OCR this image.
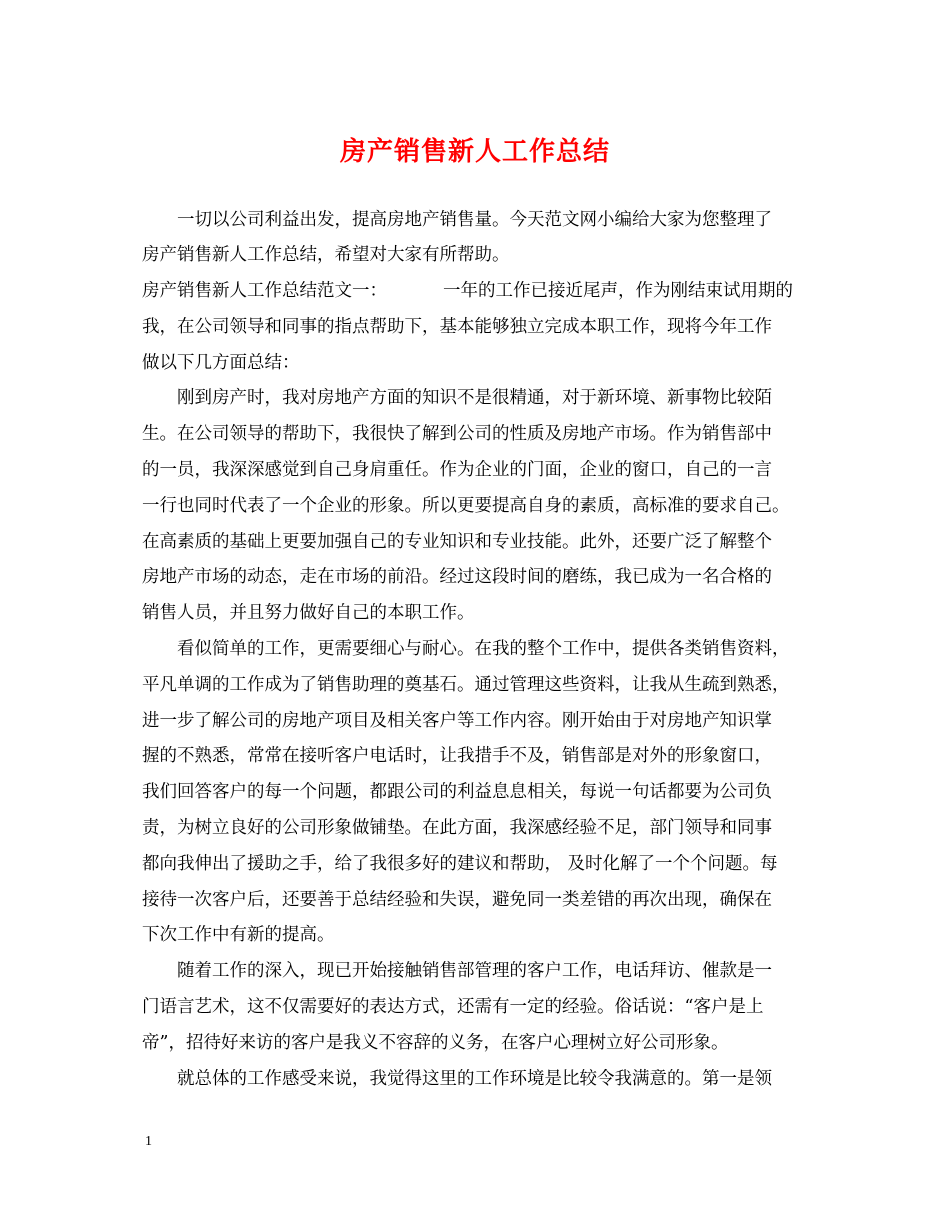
房产销售新人工作总结
一切以公司利益出发，提高房地产销售量。今天范文网小编给大家为您整理了
房产销售新人工作总结，希望对大家有所帮助。
房产销售新人工作总结范文一：	一年的工作已接近尾声，作为刚结束试用期的
我，在公司领导和同事的指点帮助下，基本能够独立完成本职工作，现将今年工作
做以下几方面总结：
刚到房产时，我对房地产方面的知识不是很精通，对于新环境、新事物比较陌
生。在公司领导的帮助下，我很快了解到公司的性质及房地产市场。作为销售部中
的一员，我深深感觉到自己身肩重任。作为企业的门面，企业的窗口，自己的一言
一行也同时代表了一个企业的形象。所以更要提高自身的素质，高标准的要求自己。
在高素质的基础上更要加强自己的专业知识和专业技能。此外，还要广泛了解整个
房地产市场的动态，走在市场的前沿。经过这段时间的磨练，我已成为一名合格的
销售人员，并且努力做好自己的本职工作。
看似简单的工作，更需要细心与耐心。在我的整个工作中，提供各类销售资料，
平凡单调的工作成为了销售助理的奠基石。通过管理这些资料，让我从生疏到熟悉，
进一步了解公司的房地产项目及相关客户等工作内容。刚开始由于对房地产知识掌
握的不熟悉，常常在接听客户电话时，让我措手不及，销售部是对外的形象窗口，
我们回答客户的每一个问题，都跟公司的利益息息相关，每说一句话都要为公司负
责，为树立良好的公司形象做铺垫。在此方面，我深感经验不足，部门领导和同事
都向我伸出了援助之手，给了我很多好的建议和帮助， 及时化解了一个个问题。每
接待一次客户后，还要善于总结经验和失误，避免同一类差错的再次出现，确保在
下次工作中有新的提高。
随着工作的深入，现已开始接触销售部管理的客户工作，电话拜访、催款是一
门语言艺术，这不仅需要好的表达方式，还需有一定的经验。俗话说：“客户是上
帝”，招待好来访的客户是我义不容辞的义务，在客户心理树立好公司形象。
就总体的工作感受来说，我觉得这里的工作环境是比较令我满意的。第一是领
1
